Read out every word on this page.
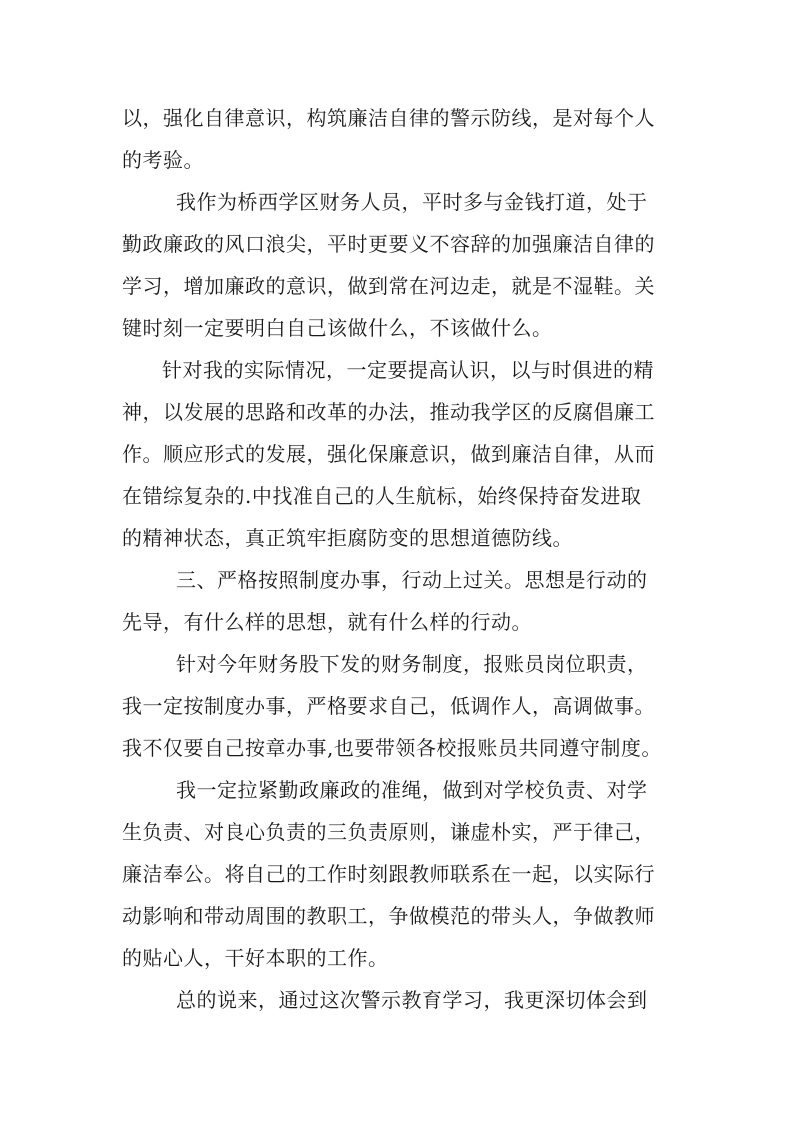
以，强化自律意识，构筑廉洁自律的警示防线，是对每个人
的考验。
我作为桥西学区财务人员，平时多与金钱打道，处于
勤政廉政的风口浪尖，平时更要义不容辞的加强廉洁自律的
学习，增加廉政的意识，做到常在河边走，就是不湿鞋。关
键时刻一定要明白自己该做什么，不该做什么。
针对我的实际情况，一定要提高认识，以与时俱进的精
神，以发展的思路和改革的办法，推动我学区的反腐倡廉工
作。顺应形式的发展，强化保廉意识，做到廉洁自律，从而
在错综复杂的.中找准自己的人生航标，始终保持奋发进取
的精神状态，真正筑牢拒腐防变的思想道德防线。
三、严格按照制度办事，行动上过关。思想是行动的
先导，有什么样的思想，就有什么样的行动。
针对今年财务股下发的财务制度，报账员岗位职责，
我一定按制度办事，严格要求自己，低调作人，高调做事。
我不仅要自己按章办事,也要带领各校报账员共同遵守制度。
我一定拉紧勤政廉政的准绳，做到对学校负责、对学
生负责、对良心负责的三负责原则，谦虚朴实，严于律己，
廉洁奉公。将自己的工作时刻跟教师联系在一起，以实际行
动影响和带动周围的教职工，争做模范的带头人，争做教师
的贴心人，干好本职的工作。
总的说来，通过这次警示教育学习，我更深切体会到
